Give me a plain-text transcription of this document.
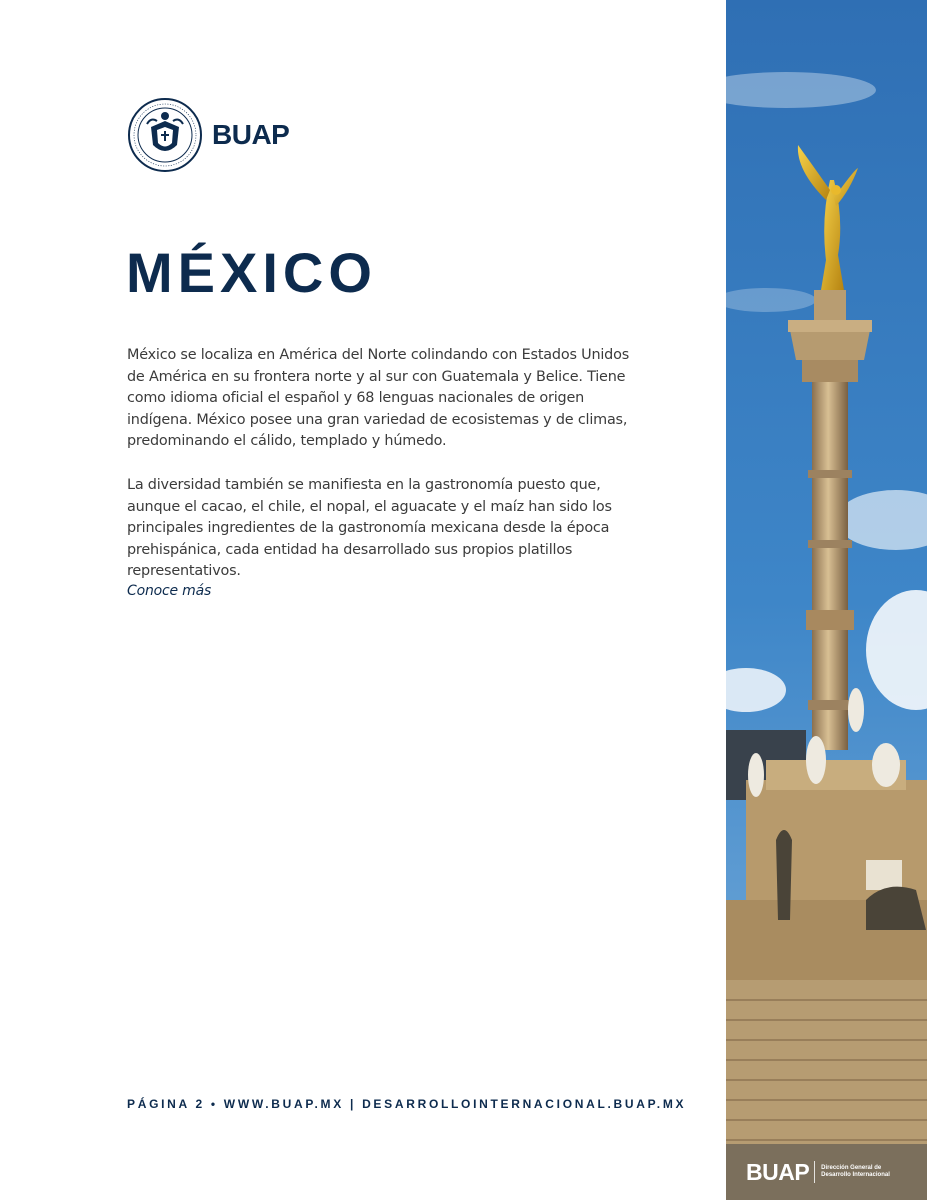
BUAP
MÉXICO

México se localiza en América del Norte colindando con Estados Unidos de América en su frontera norte y al sur con Guatemala y Belice. Tiene como idioma oficial el español y 68 lenguas nacionales de origen indígena. México posee una gran variedad de ecosistemas y de climas, predominando el cálido, templado y húmedo.

La diversidad también se manifiesta en la gastronomía puesto que, aunque el cacao, el chile, el nopal, el aguacate y el maíz han sido los principales ingredientes de la gastronomía mexicana desde la época prehispánica, cada entidad ha desarrollado sus propios platillos representativos.

Conoce más
PÁGINA 2 • WWW.BUAP.MX | DESARROLLOINTERNACIONAL.BUAP.MX
BUAP Dirección General de Desarrollo Internacional
